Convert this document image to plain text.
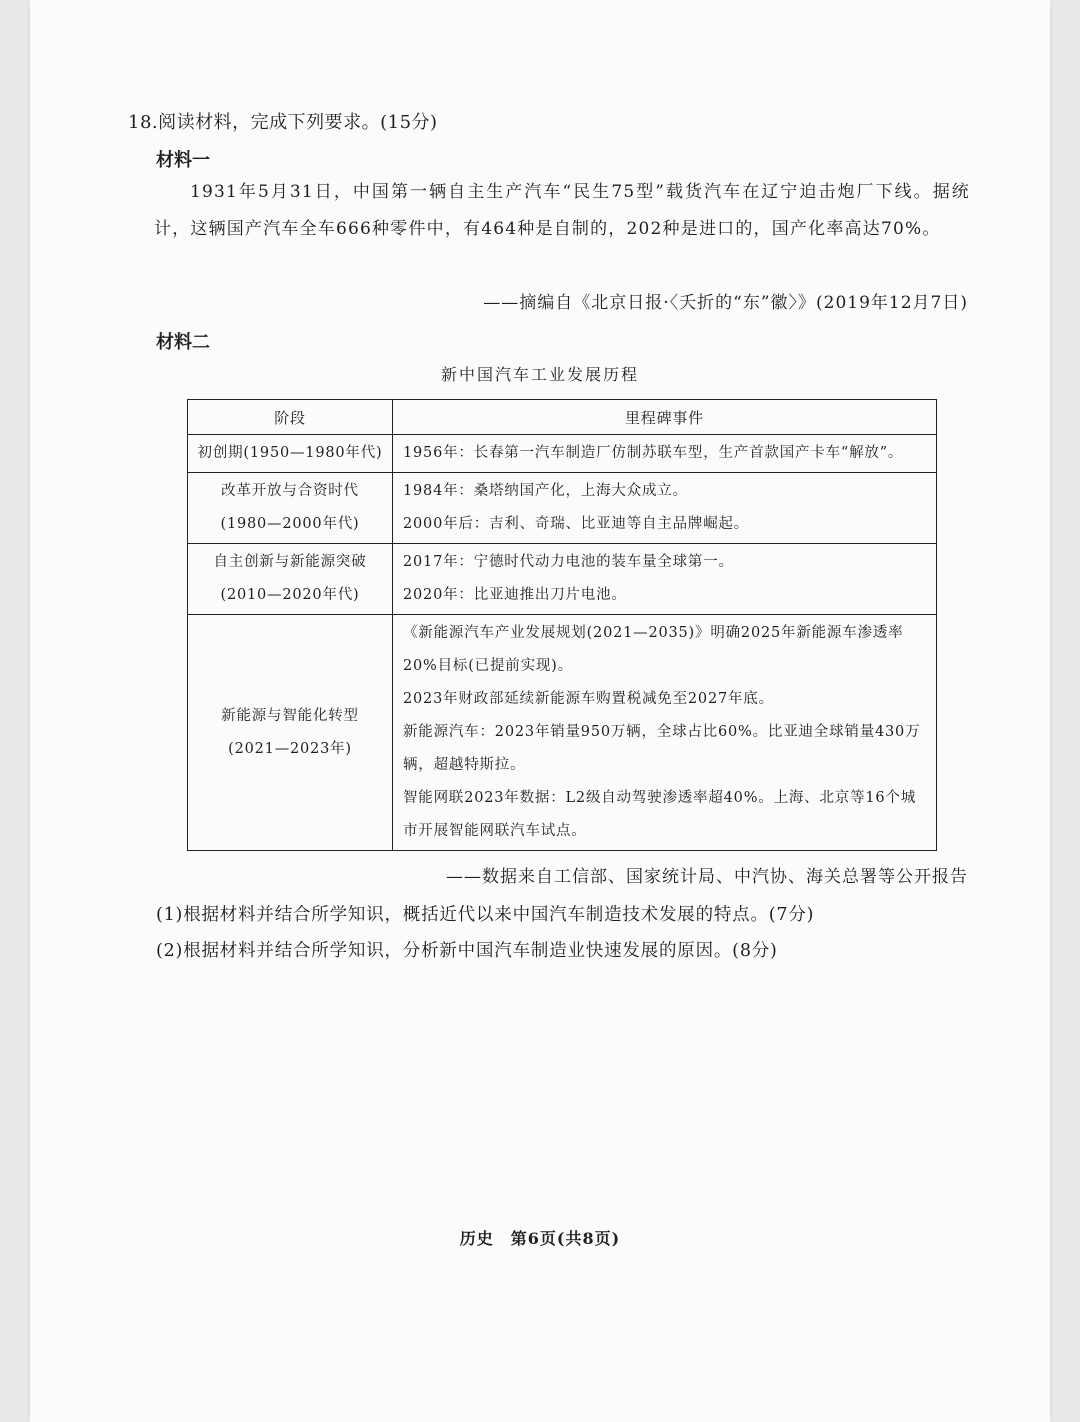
18.阅读材料，完成下列要求。(15分)
材料一
1931年5月31日，中国第一辆自主生产汽车“民生75型”载货汽车在辽宁迫击炮厂下线。据统计，这辆国产汽车全车666种零件中，有464种是自制的，202种是进口的，国产化率高达70%。
——摘编自《北京日报·〈夭折的“东”徽〉》(2019年12月7日)
材料二
新中国汽车工业发展历程
阶段	里程碑事件

初创期(1950—1980年代)	1956年：长春第一汽车制造厂仿制苏联车型，生产首款国产卡车“解放”。

改革开放与合资时代
(1980—2000年代)	1984年：桑塔纳国产化，上海大众成立。
2000年后：吉利、奇瑞、比亚迪等自主品牌崛起。

自主创新与新能源突破
(2010—2020年代)	2017年：宁德时代动力电池的装车量全球第一。
2020年：比亚迪推出刀片电池。

新能源与智能化转型
(2021—2023年)	《新能源汽车产业发展规划(2021—2035)》明确2025年新能源车渗透率20%目标(已提前实现)。
2023年财政部延续新能源车购置税减免至2027年底。
新能源汽车：2023年销量950万辆，全球占比60%。比亚迪全球销量430万辆，超越特斯拉。
智能网联2023年数据：L2级自动驾驶渗透率超40%。上海、北京等16个城市开展智能网联汽车试点。
——数据来自工信部、国家统计局、中汽协、海关总署等公开报告
(1)根据材料并结合所学知识，概括近代以来中国汽车制造技术发展的特点。(7分)
(2)根据材料并结合所学知识，分析新中国汽车制造业快速发展的原因。(8分)
历史　第6页(共8页)
